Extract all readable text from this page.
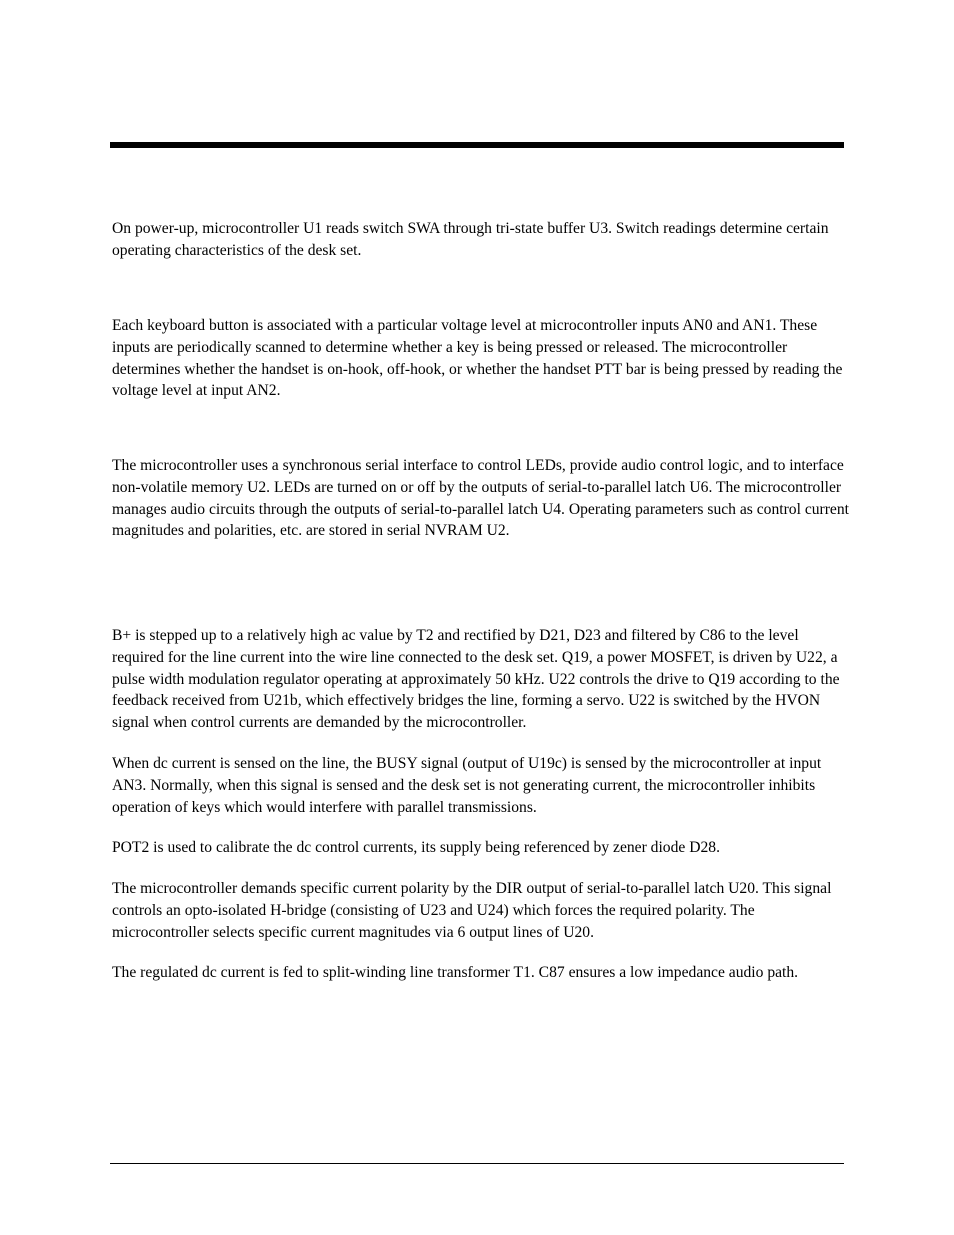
On power-up, microcontroller U1 reads switch SWA through tri-state buffer U3. Switch readings determine certain operating characteristics of the desk set.

Each keyboard button is associated with a particular voltage level at microcontroller inputs AN0 and AN1. These inputs are periodically scanned to determine whether a key is being pressed or released. The microcontroller determines whether the handset is on-hook, off-hook, or whether the handset PTT bar is being pressed by reading the voltage level at input AN2.

The microcontroller uses a synchronous serial interface to control LEDs, provide audio control logic, and to interface non-volatile memory U2. LEDs are turned on or off by the outputs of serial-to-parallel latch U6. The microcontroller manages audio circuits through the outputs of serial-to-parallel latch U4. Operating parameters such as control current magnitudes and polarities, etc. are stored in serial NVRAM U2.

B+ is stepped up to a relatively high ac value by T2 and rectified by D21, D23 and filtered by C86 to the level required for the line current into the wire line connected to the desk set. Q19, a power MOSFET, is driven by U22, a pulse width modulation regulator operating at approximately 50 kHz. U22 controls the drive to Q19 according to the feedback received from U21b, which effectively bridges the line, forming a servo. U22 is switched by the HVON signal when control currents are demanded by the microcontroller.

When dc current is sensed on the line, the BUSY signal (output of U19c) is sensed by the microcontroller at input AN3. Normally, when this signal is sensed and the desk set is not generating current, the microcontroller inhibits operation of keys which would interfere with parallel transmissions.

POT2 is used to calibrate the dc control currents, its supply being referenced by zener diode D28.

The microcontroller demands specific current polarity by the DIR output of serial-to-parallel latch U20. This signal controls an opto-isolated H-bridge (consisting of U23 and U24) which forces the required polarity. The microcontroller selects specific current magnitudes via 6 output lines of U20.

The regulated dc current is fed to split-winding line transformer T1. C87 ensures a low impedance audio path.
